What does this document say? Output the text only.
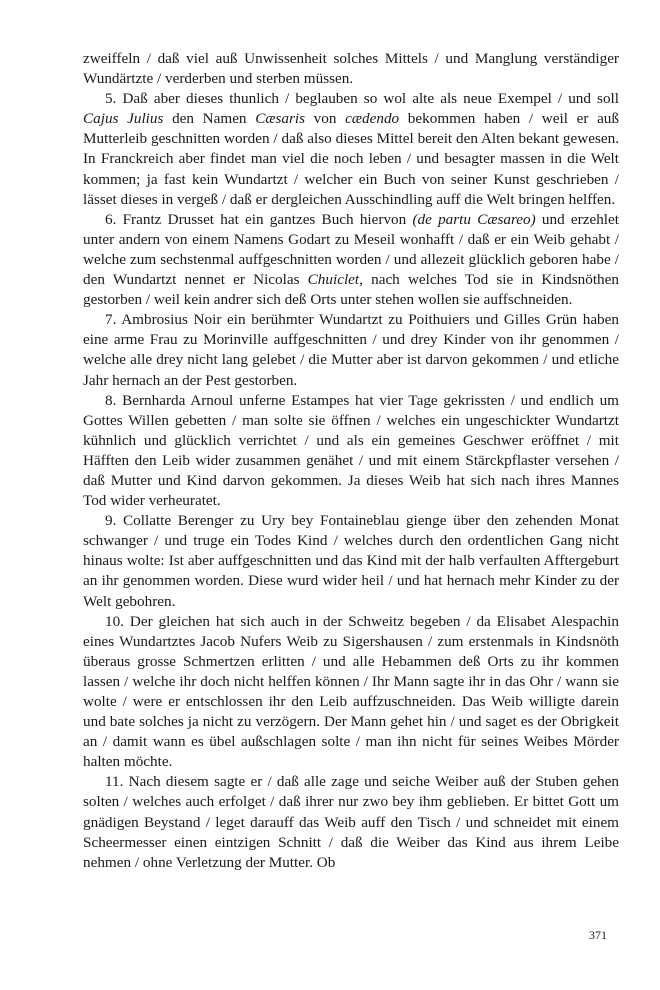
zweiffeln / daß viel auß Unwissenheit solches Mittels / und Manglung verständiger Wundärtzte / verderben und sterben müssen.

5. Daß aber dieses thunlich / beglauben so wol alte als neue Exempel / und soll Cajus Julius den Namen Cæsaris von cædendo bekommen haben / weil er auß Mutterleib geschnitten worden / daß also dieses Mittel bereit den Alten bekant gewesen. In Franckreich aber findet man viel die noch leben / und besagter massen in die Welt kommen; ja fast kein Wundartzt / welcher ein Buch von seiner Kunst geschrieben / lässet dieses in vergeß / daß er dergleichen Ausschindling auff die Welt bringen helffen.

6. Frantz Drusset hat ein gantzes Buch hiervon (de partu Cæsareo) und erzehlet unter andern von einem Namens Godart zu Meseil wonhafft / daß er ein Weib gehabt / welche zum sechstenmal auffgeschnitten worden / und allezeit glücklich geboren habe / den Wundartzt nennet er Nicolas Chuiclet, nach welches Tod sie in Kindsnöthen gestorben / weil kein andrer sich deß Orts unter stehen wollen sie auffschneiden.

7. Ambrosius Noir ein berühmter Wundartzt zu Poithuiers und Gilles Grün haben eine arme Frau zu Morinville auffgeschnitten / und drey Kinder von ihr genommen / welche alle drey nicht lang gelebet / die Mutter aber ist darvon gekommen / und etliche Jahr hernach an der Pest gestorben.

8. Bernharda Arnoul unferne Estampes hat vier Tage gekrissten / und endlich um Gottes Willen gebetten / man solte sie öffnen / welches ein ungeschickter Wundartzt kühnlich und glücklich verrichtet / und als ein gemeines Geschwer eröffnet / mit Häfften den Leib wider zusammen genähet / und mit einem Stärckpflaster versehen / daß Mutter und Kind darvon gekommen. Ja dieses Weib hat sich nach ihres Mannes Tod wider verheuratet.

9. Collatte Berenger zu Ury bey Fontaineblau gienge über den zehenden Monat schwanger / und truge ein Todes Kind / welches durch den ordentlichen Gang nicht hinaus wolte: Ist aber auffgeschnitten und das Kind mit der halb verfaulten Afftergeburt an ihr genommen worden. Diese wurd wider heil / und hat hernach mehr Kinder zu der Welt gebohren.

10. Der gleichen hat sich auch in der Schweitz begeben / da Elisabet Alespachin eines Wundartztes Jacob Nufers Weib zu Sigershausen / zum erstenmals in Kindsnöth überaus grosse Schmertzen erlitten / und alle Hebammen deß Orts zu ihr kommen lassen / welche ihr doch nicht helffen können / Ihr Mann sagte ihr in das Ohr / wann sie wolte / were er entschlossen ihr den Leib auffzuschneiden. Das Weib willigte darein und bate solches ja nicht zu verzögern. Der Mann gehet hin / und saget es der Obrigkeit an / damit wann es übel außschlagen solte / man ihn nicht für seines Weibes Mörder halten möchte.

11. Nach diesem sagte er / daß alle zage und seiche Weiber auß der Stuben gehen solten / welches auch erfolget / daß ihrer nur zwo bey ihm geblieben. Er bittet Gott um gnädigen Beystand / leget darauff das Weib auff den Tisch / und schneidet mit einem Scheermesser einen eintzigen Schnitt / daß die Weiber das Kind aus ihrem Leibe nehmen / ohne Verletzung der Mutter. Ob

371
